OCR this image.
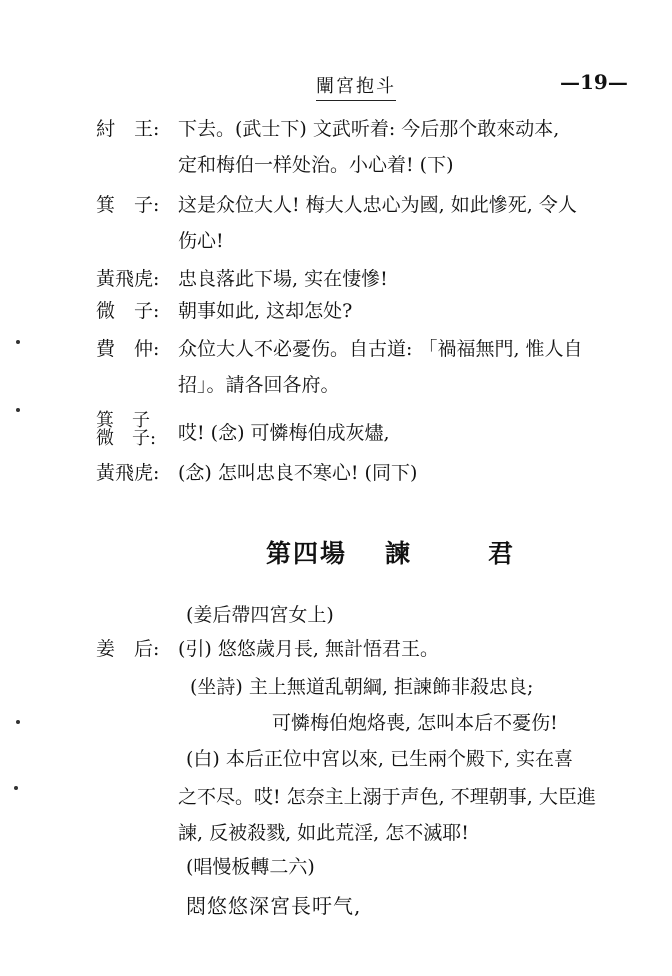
闡宮抱斗	—19—
紂　王: 下去。(武士下) 文武听着: 今后那个敢來动本,
定和梅伯一样处治。小心着! (下)
箕　子: 这是众位大人! 梅大人忠心为國, 如此慘死, 令人
伤心!
黃飛虎: 忠良落此下場, 实在悽慘!
微　子: 朝事如此, 这却怎处?
費　仲: 众位大人不必憂伤。自古道: 「禍福無門, 惟人自
招」。請各回各府。
箕　子
微　子:	哎! (念) 可憐梅伯成灰燼,
黃飛虎: (念) 怎叫忠良不寒心! (同下)
第四場 諫	君
(姜后帶四宮女上)
姜　后: (引) 悠悠歲月長, 無計悟君王。
(坐詩) 主上無道乱朝綱, 拒諫飾非殺忠良;
可憐梅伯炮烙喪, 怎叫本后不憂伤!
(白) 本后正位中宮以來, 已生兩个殿下, 实在喜
之不尽。哎! 怎奈主上溺于声色, 不理朝事, 大臣進
諫, 反被殺戮, 如此荒淫, 怎不滅耶!
(唱慢板轉二六)
悶悠悠深宮長吁气,
